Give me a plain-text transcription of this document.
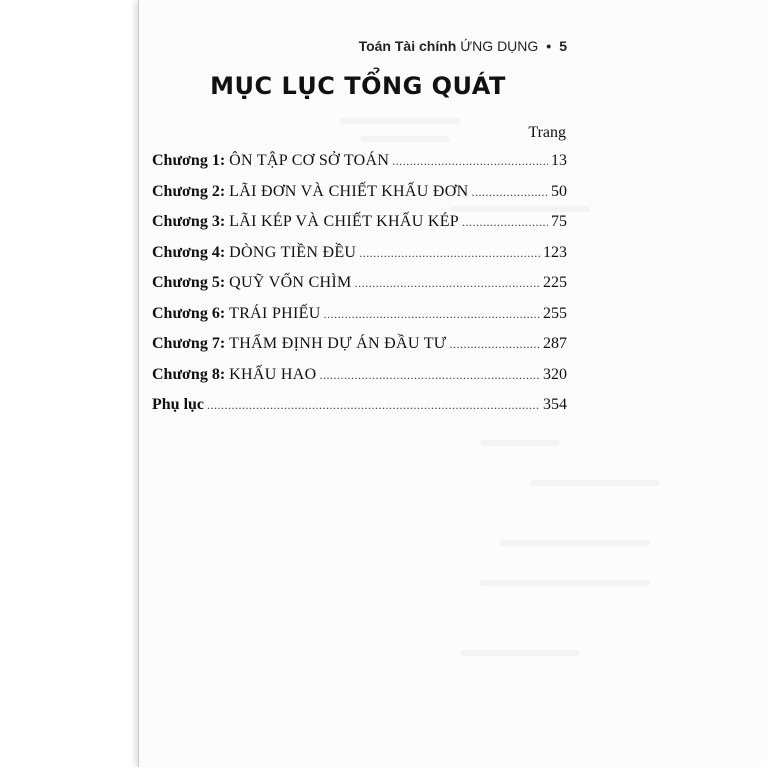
Toán Tài chính ỨNG DỤNG • 5
MỤC LỤC TỔNG QUÁT
Trang
Chương 1: ÔN TẬP CƠ SỞ TOÁN .....	13
Chương 2: LÃI ĐƠN VÀ CHIẾT KHẤU ĐƠN .....	50
Chương 3: LÃI KÉP VÀ CHIẾT KHẤU KÉP .....	75
Chương 4: DÒNG TIỀN ĐỀU .....	123
Chương 5: QUỸ VỐN CHÌM .....	225
Chương 6: TRÁI PHIẾU .....	255
Chương 7: THẨM ĐỊNH DỰ ÁN ĐẦU TƯ .....	287
Chương 8: KHẤU HAO .....	320
Phụ lục .....	354
